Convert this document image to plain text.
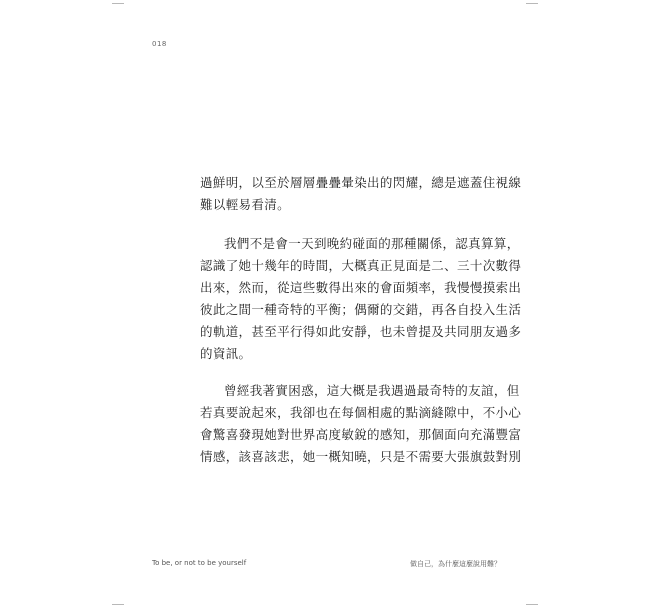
018
過鮮明，以至於層層疊疊暈染出的閃耀，總是遮蓋住視線
難以輕易看清。
我們不是會一天到晚約碰面的那種關係，認真算算，
認識了她十幾年的時間，大概真正見面是二、三十次數得
出來，然而，從這些數得出來的會面頻率，我慢慢摸索出
彼此之間一種奇特的平衡；偶爾的交錯，再各自投入生活
的軌道，甚至平行得如此安靜，也未曾提及共同朋友過多
的資訊。
曾經我著實困惑，這大概是我遇過最奇特的友誼，但
若真要說起來，我卻也在每個相處的點滴縫隙中，不小心
會驚喜發現她對世界高度敏銳的感知，那個面向充滿豐富
情感，該喜該悲，她一概知曉，只是不需要大張旗鼓對別
To be, or not to be yourself	做自己，為什麼這麼說用難？
